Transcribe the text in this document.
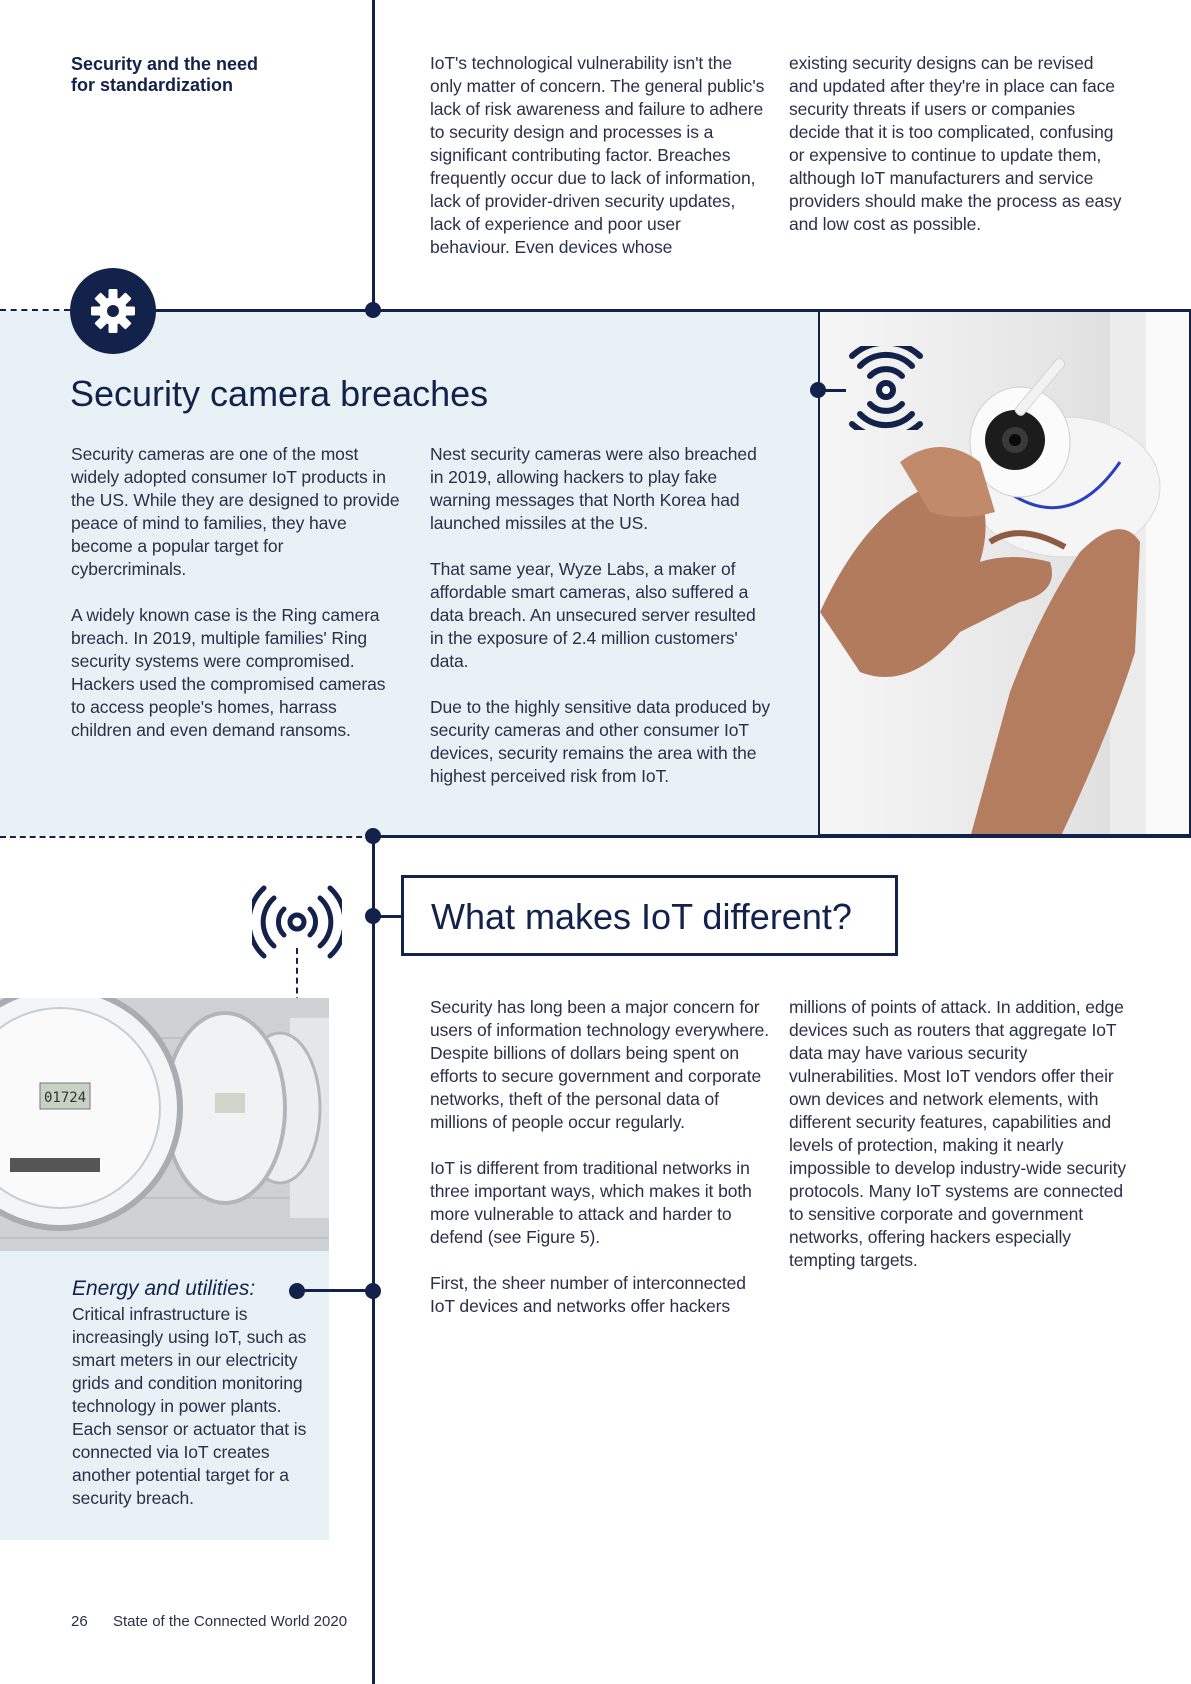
Security and the need
for standardization
IoT's technological vulnerability isn't the only matter of concern. The general public's lack of risk awareness and failure to adhere to security design and processes is a significant contributing factor. Breaches frequently occur due to lack of information, lack of provider-driven security updates, lack of experience and poor user behaviour. Even devices whose
existing security designs can be revised and updated after they're in place can face security threats if users or companies decide that it is too complicated, confusing or expensive to continue to update them, although IoT manufacturers and service providers should make the process as easy and low cost as possible.
Security camera breaches

Security cameras are one of the most widely adopted consumer IoT products in the US. While they are designed to provide peace of mind to families, they have become a popular target for cybercriminals.

A widely known case is the Ring camera breach. In 2019, multiple families' Ring security systems were compromised. Hackers used the compromised cameras to access people's homes, harrass children and even demand ransoms.

Nest security cameras were also breached in 2019, allowing hackers to play fake warning messages that North Korea had launched missiles at the US.

That same year, Wyze Labs, a maker of affordable smart cameras, also suffered a data breach. An unsecured server resulted in the exposure of 2.4 million customers' data.

Due to the highly sensitive data produced by security cameras and other consumer IoT devices, security remains the area with the highest perceived risk from IoT.

What makes IoT different?
01724
Energy and utilities:
Critical infrastructure is increasingly using IoT, such as smart meters in our electricity grids and condition monitoring technology in power plants. Each sensor or actuator that is connected via IoT creates another potential target for a security breach.

Security has long been a major concern for users of information technology everywhere. Despite billions of dollars being spent on efforts to secure government and corporate networks, theft of the personal data of millions of people occur regularly.

IoT is different from traditional networks in three important ways, which makes it both more vulnerable to attack and harder to defend (see Figure 5).

First, the sheer number of interconnected IoT devices and networks offer hackers

millions of points of attack. In addition, edge devices such as routers that aggregate IoT data may have various security vulnerabilities. Most IoT vendors offer their own devices and network elements, with different security features, capabilities and levels of protection, making it nearly impossible to develop industry-wide security protocols. Many IoT systems are connected to sensitive corporate and government networks, offering hackers especially tempting targets.

26 State of the Connected World 2020
